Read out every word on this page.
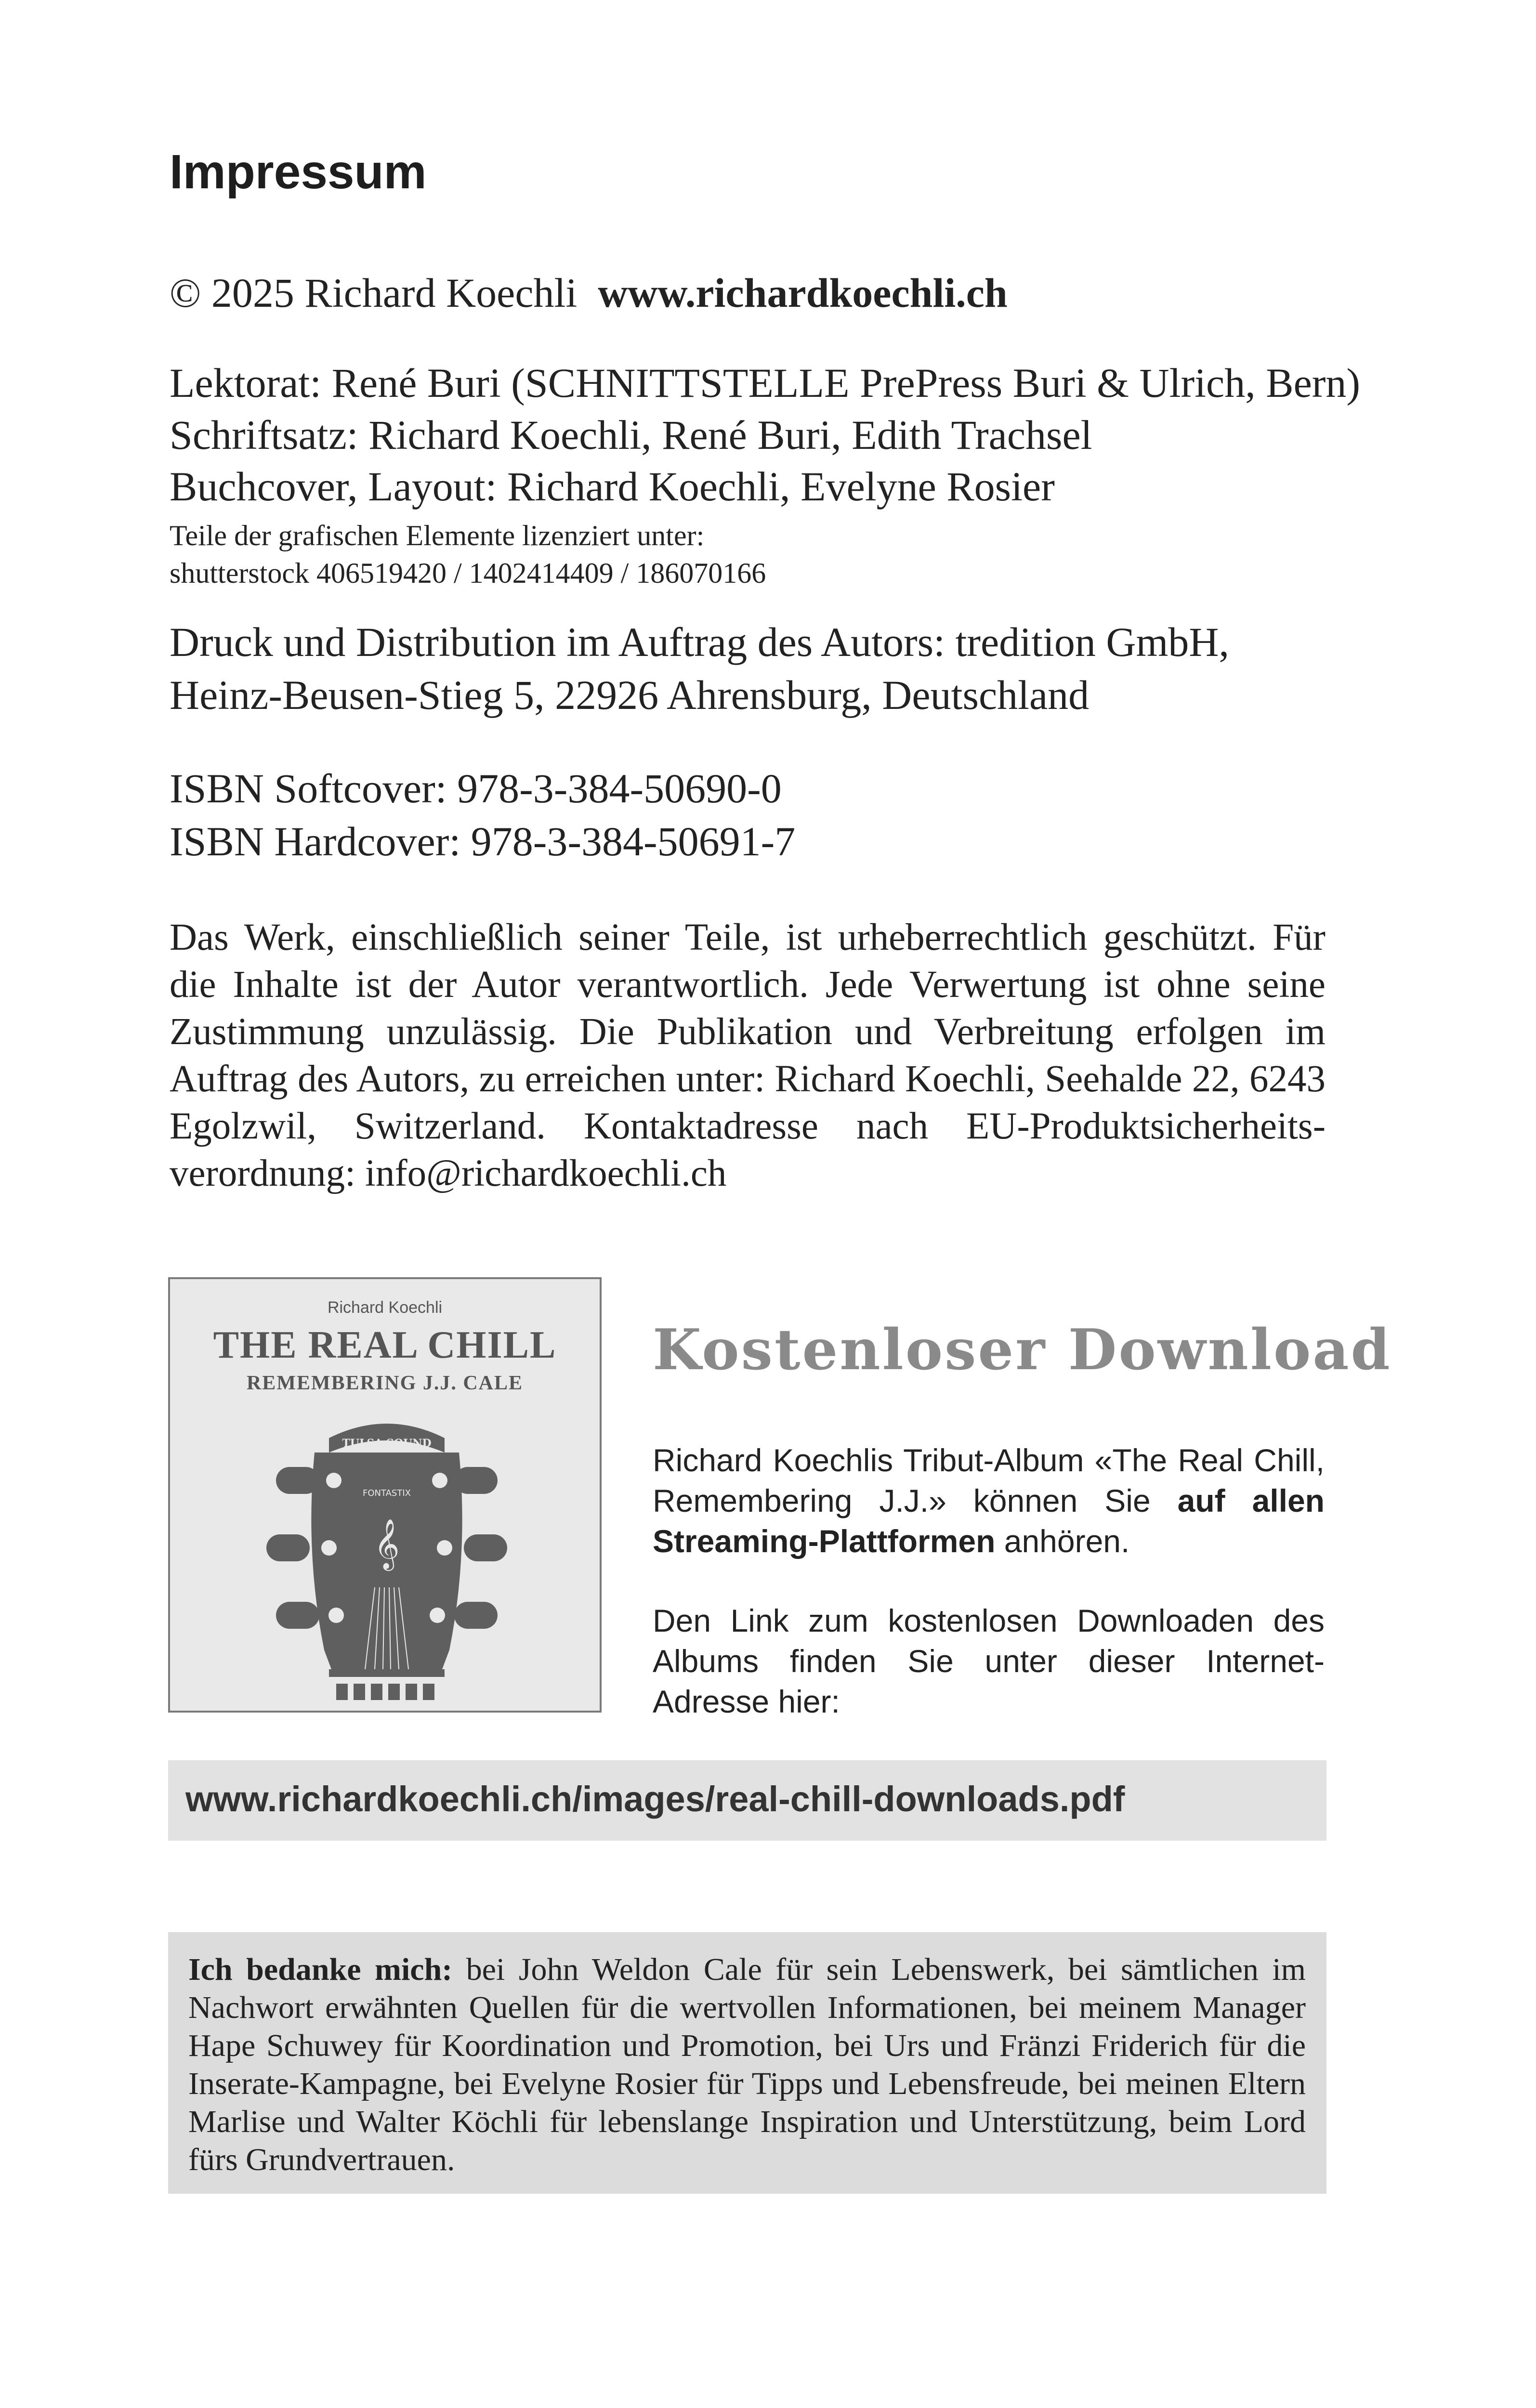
Impressum
© 2025 Richard Koechli www.richardkoechli.ch
Lektorat: René Buri (SCHNITTSTELLE PrePress Buri & Ulrich, Bern)
Schriftsatz: Richard Koechli, René Buri, Edith Trachsel
Buchcover, Layout: Richard Koechli, Evelyne Rosier
Teile der grafischen Elemente lizenziert unter:
shutterstock 406519420 / 1402414409 / 186070166
Druck und Distribution im Auftrag des Autors: tredition GmbH,
Heinz-Beusen-Stieg 5, 22926 Ahrensburg, Deutschland
ISBN Softcover: 978-3-384-50690-0
ISBN Hardcover: 978-3-384-50691-7
Das Werk, einschließlich seiner Teile, ist urheberrechtlich geschützt. Für die Inhalte ist der Autor verantwortlich. Jede Verwertung ist ohne seine Zustimmung unzulässig. Die Publikation und Verbreitung erfolgen im Auftrag des Autors, zu erreichen unter: Richard Koechli, Seehalde 22, 6243 Egolzwil, Switzerland. Kontaktadresse nach EU-Produktsicherheitsverordnung: info@richardkoechli.ch
Richard Koechli
THE REAL CHILL
REMEMBERING J.J. CALE
TULSA SOUND
FONTASTIX
𝄞
Kostenloser Download
Richard Koechlis Tribut-Album «The Real Chill, Remembering J.J.» können Sie auf allen Streaming-Plattformen anhören.
Den Link zum kostenlosen Downloaden des Albums finden Sie unter dieser Internet-Adresse hier:
www.richardkoechli.ch/images/real-chill-downloads.pdf
Ich bedanke mich: bei John Weldon Cale für sein Lebenswerk, bei sämtlichen im Nachwort erwähnten Quellen für die wertvollen Informationen, bei meinem Manager Hape Schuwey für Koordination und Promotion, bei Urs und Fränzi Friderich für die Inserate-Kampagne, bei Evelyne Rosier für Tipps und Lebensfreude, bei meinen Eltern Marlise und Walter Köchli für lebenslange Inspiration und Unterstützung, beim Lord fürs Grundvertrauen.
